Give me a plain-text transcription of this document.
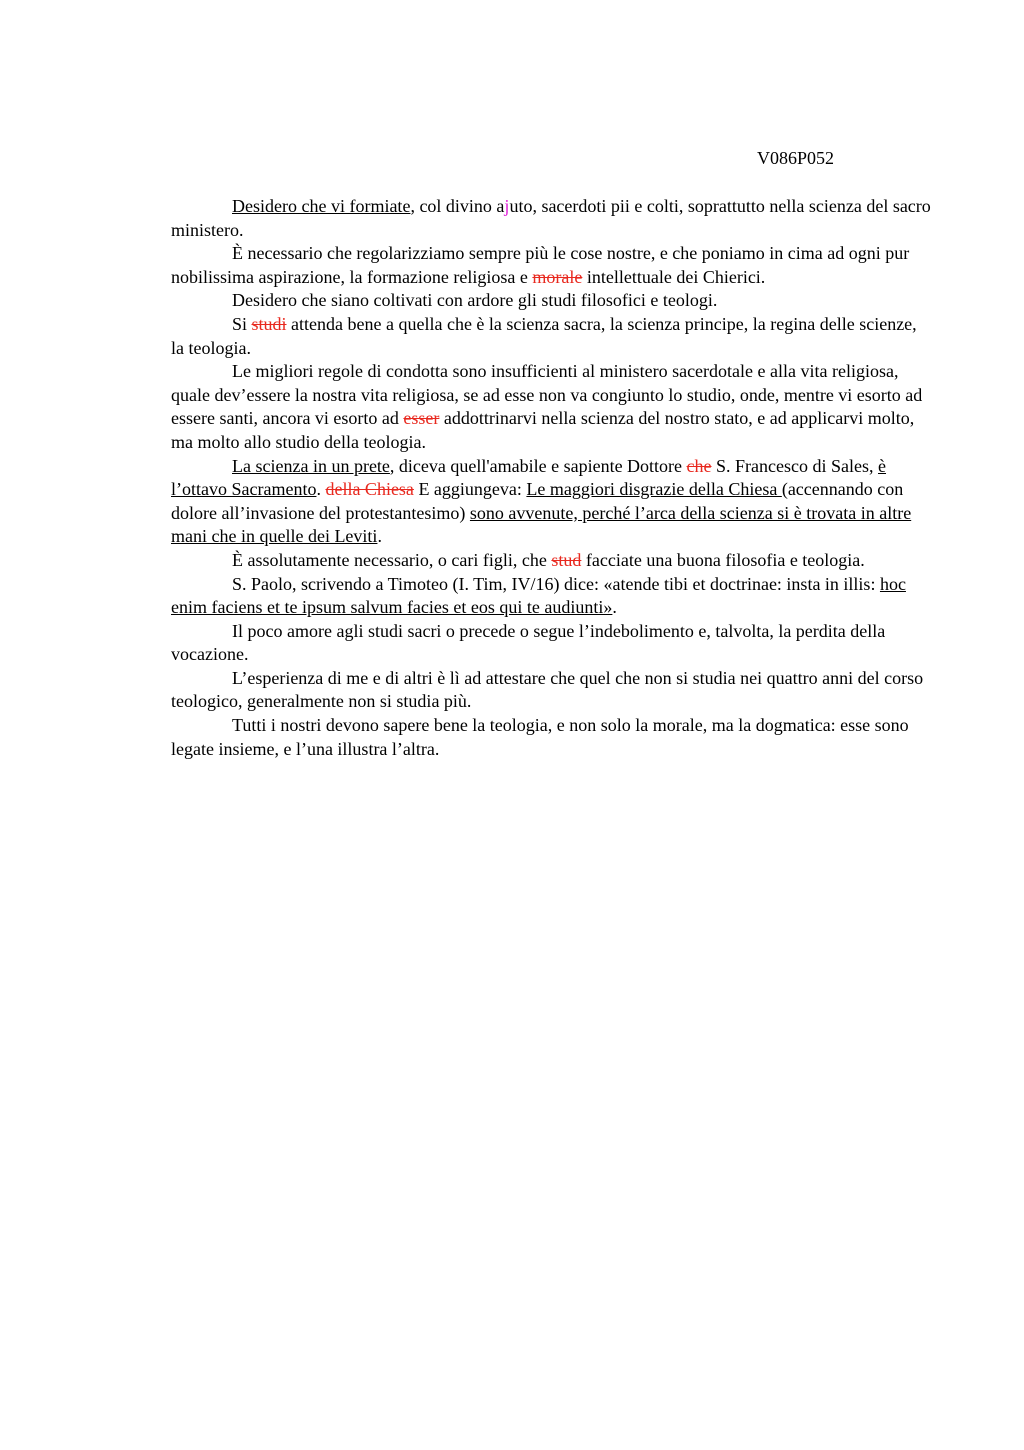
V086P052

Desidero che vi formiate, col divino ajuto, sacerdoti pii e colti, soprattutto nella scienza del sacro ministero.

È necessario che regolarizziamo sempre più le cose nostre, e che poniamo in cima ad ogni pur nobilissima aspirazione, la formazione religiosa e morale intellettuale dei Chierici.

Desidero che siano coltivati con ardore gli studi filosofici e teologi.

Si studi attenda bene a quella che è la scienza sacra, la scienza principe, la regina delle scienze, la teologia.

Le migliori regole di condotta sono insufficienti al ministero sacerdotale e alla vita religiosa, quale dev’essere la nostra vita religiosa, se ad esse non va congiunto lo studio, onde, mentre vi esorto ad essere santi, ancora vi esorto ad esser addottrinarvi nella scienza del nostro stato, e ad applicarvi molto, ma molto allo studio della teologia.

La scienza in un prete, diceva quell'amabile e sapiente Dottore che S. Francesco di Sales, è l’ottavo Sacramento. della Chiesa E aggiungeva: Le maggiori disgrazie della Chiesa (accennando con dolore all’invasione del protestantesimo) sono avvenute, perché l’arca della scienza si è trovata in altre mani che in quelle dei Leviti.

È assolutamente necessario, o cari figli, che stud facciate una buona filosofia e teologia.

S. Paolo, scrivendo a Timoteo (I. Tim, IV/16) dice: «atende tibi et doctrinae: insta in illis: hoc enim faciens et te ipsum salvum facies et eos qui te audiunti».

Il poco amore agli studi sacri o precede o segue l’indebolimento e, talvolta, la perdita della vocazione.

L’esperienza di me e di altri è lì ad attestare che quel che non si studia nei quattro anni del corso teologico, generalmente non si studia più.

Tutti i nostri devono sapere bene la teologia, e non solo la morale, ma la dogmatica: esse sono legate insieme, e l’una illustra l’altra.
